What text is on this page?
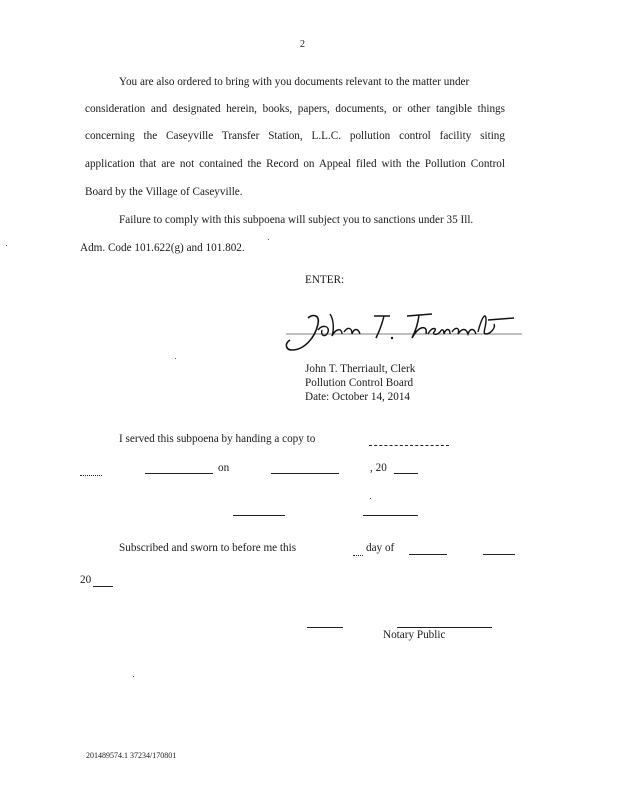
2
You are also ordered to bring with you documents relevant to the matter under
consideration and designated herein, books, papers, documents, or other tangible things
concerning the Caseyville Transfer Station, L.L.C. pollution control facility siting
application that are not contained the Record on Appeal filed with the Pollution Control
Board by the Village of Caseyville.
Failure to comply with this subpoena will subject you to sanctions under 35 Ill.
Adm. Code 101.622(g) and 101.802.
ENTER:
John T. Therriault, Clerk
Pollution Control Board
Date: October 14, 2014
I served this subpoena by handing a copy to
on	, 20
Subscribed and sworn to before me this	day of
20
Notary Public
201489574.1 37234/170801
